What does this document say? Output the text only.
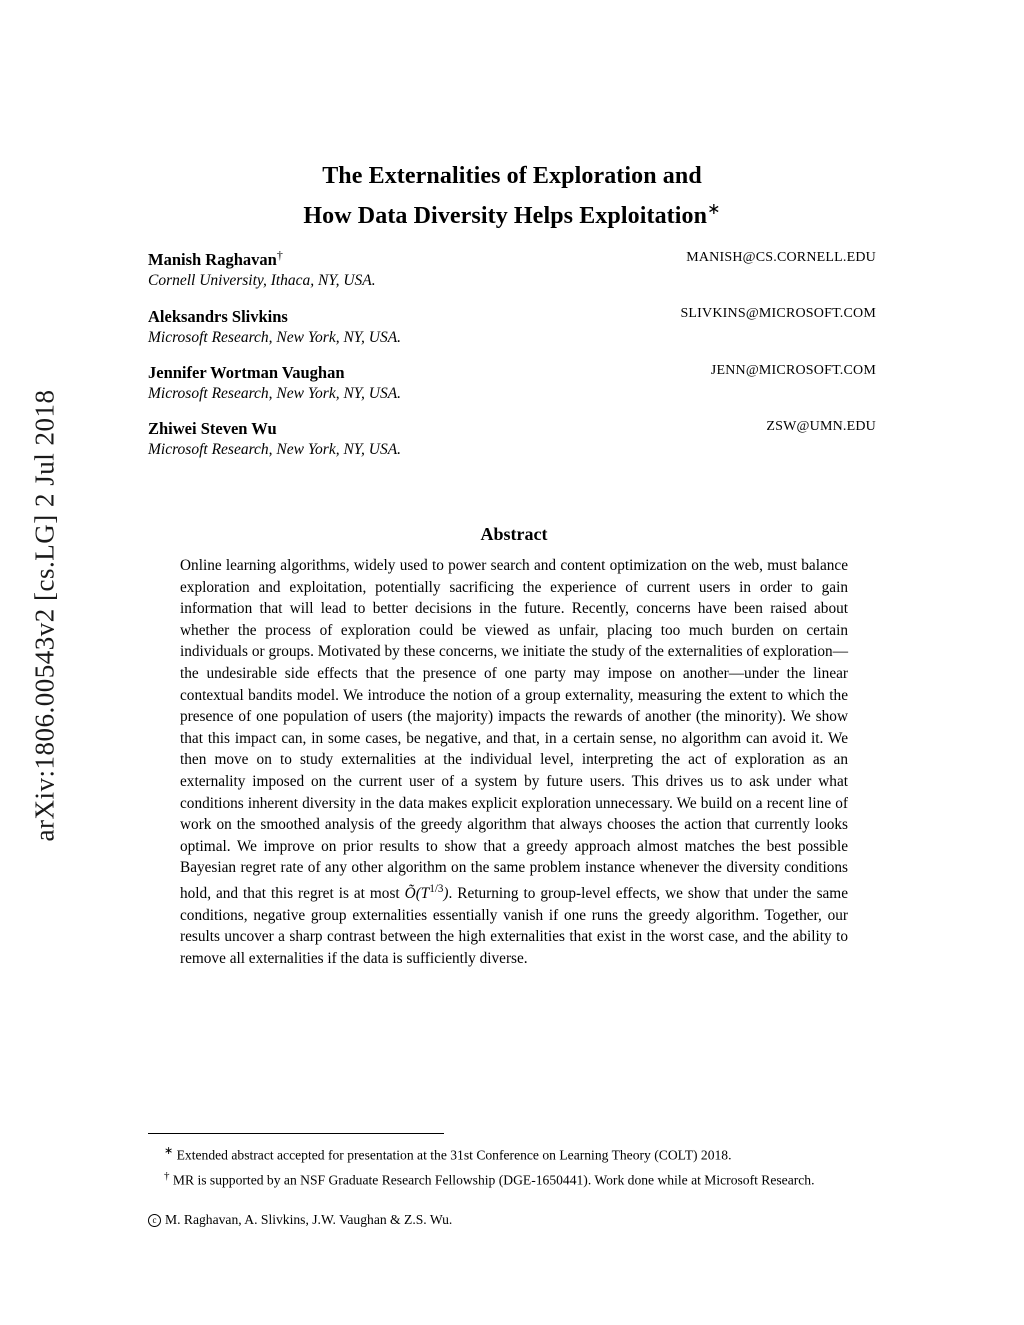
arXiv:1806.00543v2 [cs.LG] 2 Jul 2018
The Externalities of Exploration and
How Data Diversity Helps Exploitation∗
Manish Raghavan†	MANISH@CS.CORNELL.EDU
Cornell University, Ithaca, NY, USA.
Aleksandrs Slivkins	SLIVKINS@MICROSOFT.COM
Microsoft Research, New York, NY, USA.
Jennifer Wortman Vaughan	JENN@MICROSOFT.COM
Microsoft Research, New York, NY, USA.
Zhiwei Steven Wu	ZSW@UMN.EDU
Microsoft Research, New York, NY, USA.
Abstract
Online learning algorithms, widely used to power search and content optimization on the web, must balance exploration and exploitation, potentially sacrificing the experience of current users in order to gain information that will lead to better decisions in the future. Recently, concerns have been raised about whether the process of exploration could be viewed as unfair, placing too much burden on certain individuals or groups. Motivated by these concerns, we initiate the study of the externalities of exploration—the undesirable side effects that the presence of one party may impose on another—under the linear contextual bandits model. We introduce the notion of a group externality, measuring the extent to which the presence of one population of users (the majority) impacts the rewards of another (the minority). We show that this impact can, in some cases, be negative, and that, in a certain sense, no algorithm can avoid it. We then move on to study externalities at the individual level, interpreting the act of exploration as an externality imposed on the current user of a system by future users. This drives us to ask under what conditions inherent diversity in the data makes explicit exploration unnecessary. We build on a recent line of work on the smoothed analysis of the greedy algorithm that always chooses the action that currently looks optimal. We improve on prior results to show that a greedy approach almost matches the best possible Bayesian regret rate of any other algorithm on the same problem instance whenever the diversity conditions hold, and that this regret is at most $Õ(T^{1/3})$. Returning to group-level effects, we show that under the same conditions, negative group externalities essentially vanish if one runs the greedy algorithm. Together, our results uncover a sharp contrast between the high externalities that exist in the worst case, and the ability to remove all externalities if the data is sufficiently diverse.
∗ Extended abstract accepted for presentation at the 31st Conference on Learning Theory (COLT) 2018.
† MR is supported by an NSF Graduate Research Fellowship (DGE-1650441). Work done while at Microsoft Research.
c M. Raghavan, A. Slivkins, J.W. Vaughan & Z.S. Wu.
